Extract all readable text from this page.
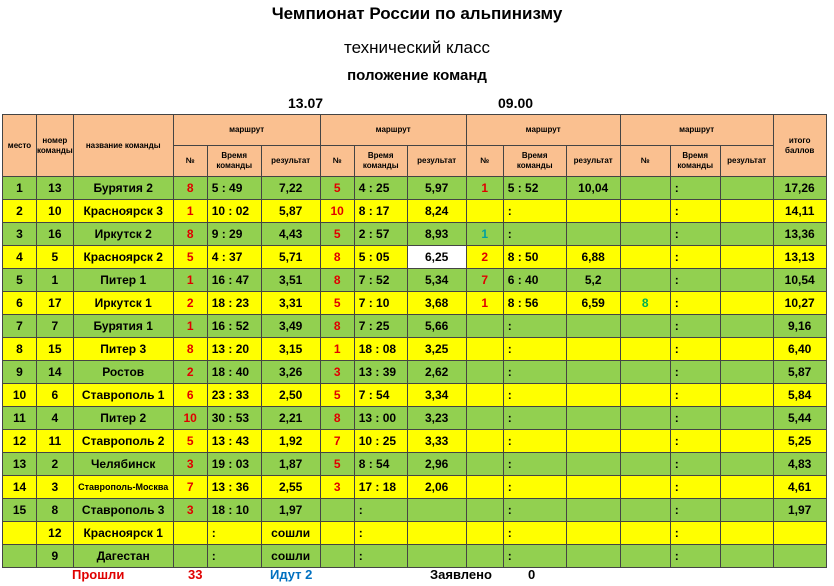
Чемпионат России по альпинизму
технический класс
положение команд
13.07	09.00
место	номер команды	название команды	маршрут			маршрут			маршрут			маршрут			итого баллов
			№	Время команды	результат	№	Время команды	результат	№	Время команды	результат	№	Время команды	результат	
1	13	Бурятия 2	8	5 : 49	7,22	5	4 : 25	5,97	1	5 : 52	10,04		:		17,26
2	10	Красноярск 3	1	10 : 02	5,87	10	8 : 17	8,24		:			:		14,11
3	16	Иркутск 2	8	9 : 29	4,43	5	2 : 57	8,93	1	:			:		13,36
4	5	Красноярск 2	5	4 : 37	5,71	8	5 : 05	6,25	2	8 : 50	6,88		:		13,13
5	1	Питер 1	1	16 : 47	3,51	8	7 : 52	5,34	7	6 : 40	5,2		:		10,54
6	17	Иркутск 1	2	18 : 23	3,31	5	7 : 10	3,68	1	8 : 56	6,59	8	:		10,27
7	7	Бурятия 1	1	16 : 52	3,49	8	7 : 25	5,66		:			:		9,16
8	15	Питер 3	8	13 : 20	3,15	1	18 : 08	3,25		:			:		6,40
9	14	Ростов	2	18 : 40	3,26	3	13 : 39	2,62		:			:		5,87
10	6	Ставрополь 1	6	23 : 33	2,50	5	7 : 54	3,34		:			:		5,84
11	4	Питер 2	10	30 : 53	2,21	8	13 : 00	3,23		:			:		5,44
12	11	Ставрополь 2	5	13 : 43	1,92	7	10 : 25	3,33		:			:		5,25
13	2	Челябинск	3	19 : 03	1,87	5	8 : 54	2,96		:			:		4,83
14	3	Ставрополь-Москва	7	13 : 36	2,55	3	17 : 18	2,06		:			:		4,61
15	8	Ставрополь 3	3	18 : 10	1,97		:			:			:		1,97
	12	Красноярск 1		:	сошли		:			:			:		
	9	Дагестан		:	сошли		:			:			:		
Прошли	33	Идут 2	Заявлено	0
